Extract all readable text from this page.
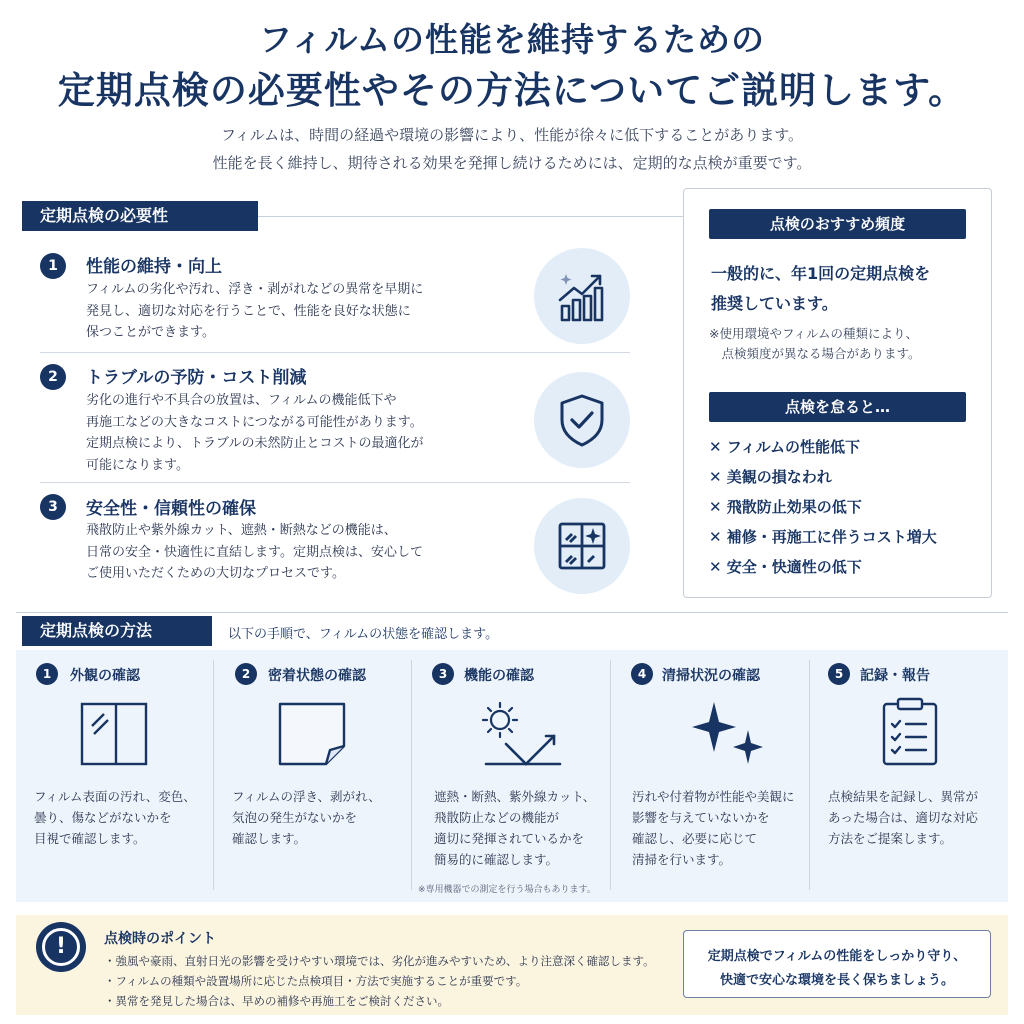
フィルムの性能を維持するための
定期点検の必要性やその方法についてご説明します。
フィルムは、時間の経過や環境の影響により、性能が徐々に低下することがあります。
性能を長く維持し、期待される効果を発揮し続けるためには、定期的な点検が重要です。
定期点検の必要性
1	性能の維持・向上
フィルムの劣化や汚れ、浮き・剥がれなどの異常を早期に
発見し、適切な対応を行うことで、性能を良好な状態に
保つことができます。
2	トラブルの予防・コスト削減
劣化の進行や不具合の放置は、フィルムの機能低下や
再施工などの大きなコストにつながる可能性があります。
定期点検により、トラブルの未然防止とコストの最適化が
可能になります。
3	安全性・信頼性の確保
飛散防止や紫外線カット、遮熱・断熱などの機能は、
日常の安全・快適性に直結します。定期点検は、安心して
ご使用いただくための大切なプロセスです。
点検のおすすめ頻度
一般的に、年1回の定期点検を
推奨しています。
※使用環境やフィルムの種類により、
　点検頻度が異なる場合があります。
点検を怠ると…
✕ フィルムの性能低下
✕ 美観の損なわれ
✕ 飛散防止効果の低下
✕ 補修・再施工に伴うコスト増大
✕ 安全・快適性の低下
定期点検の方法	以下の手順で、フィルムの状態を確認します。
1	外観の確認
フィルム表面の汚れ、変色、
曇り、傷などがないかを
目視で確認します。
2	密着状態の確認
フィルムの浮き、剥がれ、
気泡の発生がないかを
確認します。
3	機能の確認
遮熱・断熱、紫外線カット、
飛散防止などの機能が
適切に発揮されているかを
簡易的に確認します。
※専用機器での測定を行う場合もあります。
4	清掃状況の確認
汚れや付着物が性能や美観に
影響を与えていないかを
確認し、必要に応じて
清掃を行います。
5	記録・報告
点検結果を記録し、異常が
あった場合は、適切な対応
方法をご提案します。
!	点検時のポイント
・強風や豪雨、直射日光の影響を受けやすい環境では、劣化が進みやすいため、より注意深く確認します。
・フィルムの種類や設置場所に応じた点検項目・方法で実施することが重要です。
・異常を発見した場合は、早めの補修や再施工をご検討ください。
定期点検でフィルムの性能をしっかり守り、
快適で安心な環境を長く保ちましょう。
